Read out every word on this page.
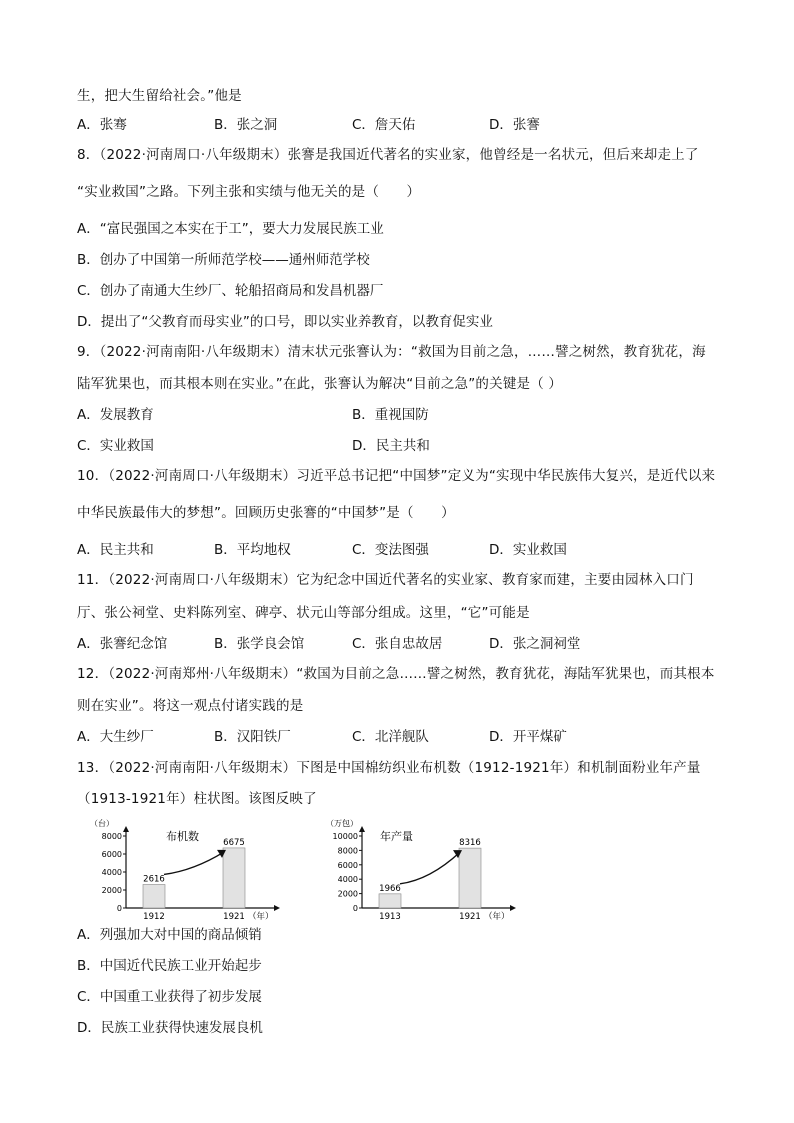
生，把大生留给社会。”他是
A．张骞	B．张之洞	C．詹天佑	D．张謇
8．（2022·河南周口·八年级期末）张謇是我国近代著名的实业家，他曾经是一名状元，但后来却走上了
“实业救国”之路。下列主张和实绩与他无关的是（　　）
A．“富民强国之本实在于工”，要大力发展民族工业
B．创办了中国第一所师范学校——通州师范学校
C．创办了南通大生纱厂、轮船招商局和发昌机器厂
D．提出了“父教育而母实业”的口号，即以实业养教育，以教育促实业
9．（2022·河南南阳·八年级期末）清末状元张謇认为：“救国为目前之急，……譬之树然，教育犹花，海
陆军犹果也，而其根本则在实业。”在此，张謇认为解决“目前之急”的关键是（ ）
A．发展教育	B．重视国防
C．实业救国	D．民主共和
10．（2022·河南周口·八年级期末）习近平总书记把“中国梦”定义为“实现中华民族伟大复兴，是近代以来
中华民族最伟大的梦想”。回顾历史张謇的“中国梦”是（　　）
A．民主共和	B．平均地权	C．变法图强	D．实业救国
11．（2022·河南周口·八年级期末）它为纪念中国近代著名的实业家、教育家而建，主要由园林入口门
厅、张公祠堂、史料陈列室、碑亭、状元山等部分组成。这里，“它”可能是
A．张謇纪念馆	B．张学良会馆	C．张自忠故居	D．张之洞祠堂
12．（2022·河南郑州·八年级期末）“救国为目前之急……譬之树然，教育犹花，海陆军犹果也，而其根本
则在实业”。将这一观点付诸实践的是
A．大生纱厂	B．汉阳铁厂	C．北洋舰队	D．开平煤矿
13．（2022·河南南阳·八年级期末）下图是中国棉纺织业布机数（1912-1921年）和机制面粉业年产量
（1913-1921年）柱状图。该图反映了
（台）
布机数
0
2000
4000
6000
8000
2616
1912
6675
1921 （年）
（万包）
年产量
0
2000
4000
6000
8000
10000
1966
1913
8316
1921 （年）
A．列强加大对中国的商品倾销
B．中国近代民族工业开始起步
C．中国重工业获得了初步发展
D．民族工业获得快速发展良机
